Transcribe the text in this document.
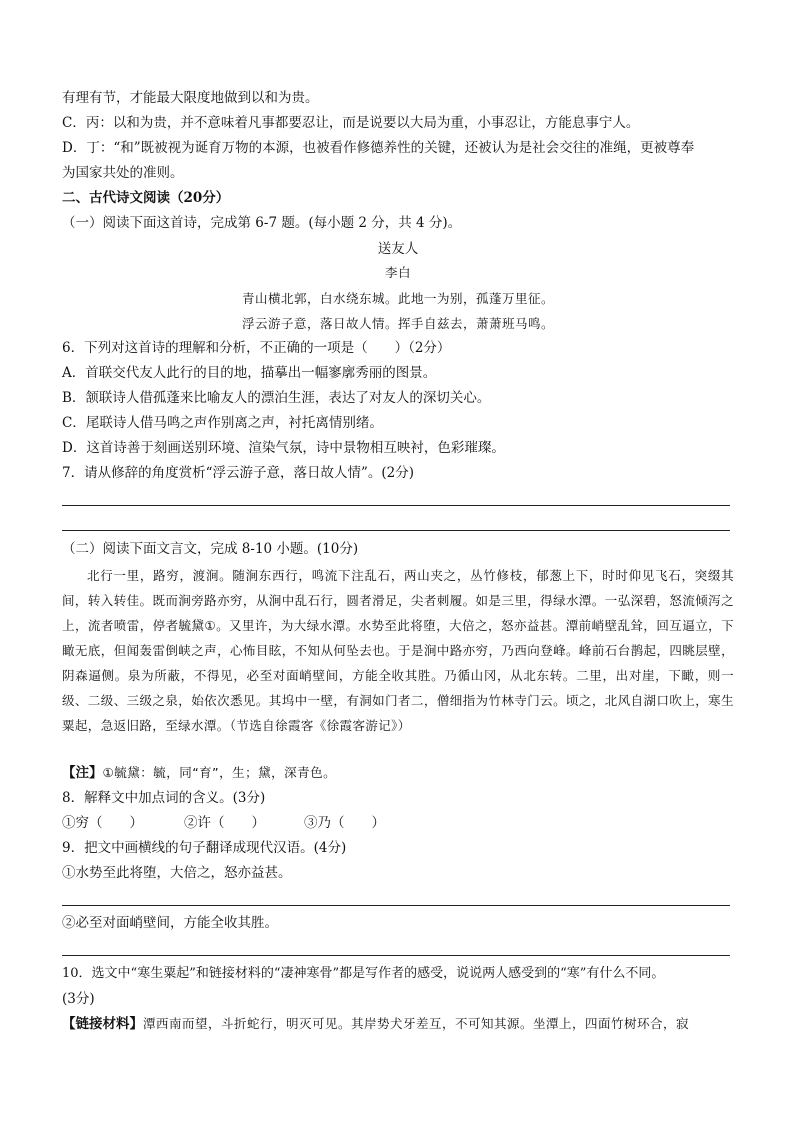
有理有节，才能最大限度地做到以和为贵。
C．丙：以和为贵，并不意味着凡事都要忍让，而是说要以大局为重，小事忍让，方能息事宁人。
D．丁：“和”既被视为诞育万物的本源，也被看作修德养性的关键，还被认为是社会交往的准绳，更被尊奉
为国家共处的准则。
二、古代诗文阅读（20分）
（一）阅读下面这首诗，完成第 6-7 题。(每小题 2 分，共 4 分)。
送友人
李白
青山横北郭，白水绕东城。此地一为别，孤蓬万里征。
浮云游子意，落日故人情。挥手自兹去，萧萧班马鸣。
6．下列对这首诗的理解和分析，不正确的一项是（　　）（2分）
A．首联交代友人此行的目的地，描摹出一幅寥廓秀丽的图景。
B．颔联诗人借孤蓬来比喻友人的漂泊生涯，表达了对友人的深切关心。
C．尾联诗人借马鸣之声作别离之声，衬托离情别绪。
D．这首诗善于刻画送别环境、渲染气氛，诗中景物相互映衬，色彩璀璨。
7．请从修辞的角度赏析“浮云游子意，落日故人情”。(2分)
（二）阅读下面文言文，完成 8-10 小题。(10分)
北行一里，路穷，渡涧。随涧东西行，鸣流下注乱石，两山夹之，丛竹修枝，郁葱上下，时时仰见飞石，突缀其间，转入转佳。既而涧旁路亦穷，从涧中乱石行，圆者滑足，尖者刺履。如是三里，得绿水潭。一弘深碧，怒流倾泻之上，流者喷雷，停者毓黛①。又里许，为大绿水潭。水势至此将堕，大倍之，怒亦益甚。潭前峭壁乱耸，回互逼立，下瞰无底，但闻轰雷倒峡之声，心怖目眩，不知从何坠去也。于是涧中路亦穷，乃西向登峰。峰前石台鹊起，四眺层壁，阴森逼侧。泉为所蔽，不得见，必至对面峭壁间，方能全收其胜。乃循山冈，从北东转。二里，出对崖，下瞰，则一级、二级、三级之泉，始依次悉见。其坞中一壁，有洞如门者二，僧细指为竹林寺门云。顷之，北风自湖口吹上，寒生粟起，急返旧路，至绿水潭。（节选自徐霞客《徐霞客游记》）
【注】①毓黛：毓，同“育”，生；黛，深青色。
8．解释文中加点词的含义。(3分)
①穷（　　）	②许（　　）	③乃（　　）
9．把文中画横线的句子翻译成现代汉语。(4分)
①水势至此将堕，大倍之，怒亦益甚。
②必至对面峭壁间，方能全收其胜。
10．选文中“寒生粟起”和链接材料的“凄神寒骨”都是写作者的感受，说说两人感受到的“寒”有什么不同。
(3分)
【链接材料】潭西南而望，斗折蛇行，明灭可见。其岸势犬牙差互，不可知其源。坐潭上，四面竹树环合，寂
